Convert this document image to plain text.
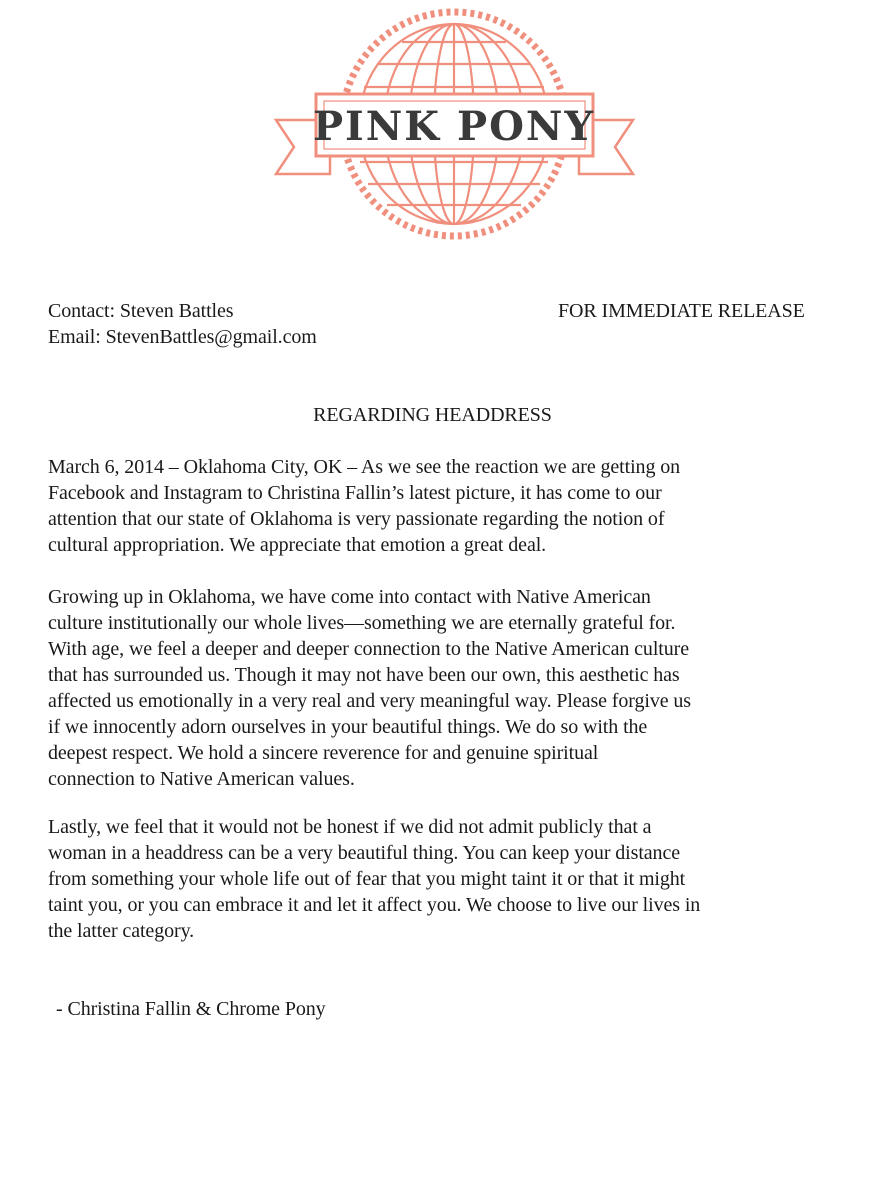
PINK PONY
Contact: Steven Battles
Email: StevenBattles@gmail.com
FOR IMMEDIATE RELEASE
REGARDING HEADDRESS
March 6, 2014 – Oklahoma City, OK – As we see the reaction we are getting on
Facebook and Instagram to Christina Fallin’s latest picture, it has come to our
attention that our state of Oklahoma is very passionate regarding the notion of
cultural appropriation. We appreciate that emotion a great deal.
Growing up in Oklahoma, we have come into contact with Native American
culture institutionally our whole lives—something we are eternally grateful for.
With age, we feel a deeper and deeper connection to the Native American culture
that has surrounded us. Though it may not have been our own, this aesthetic has
affected us emotionally in a very real and very meaningful way. Please forgive us
if we innocently adorn ourselves in your beautiful things. We do so with the
deepest respect. We hold a sincere reverence for and genuine spiritual
connection to Native American values.
Lastly, we feel that it would not be honest if we did not admit publicly that a
woman in a headdress can be a very beautiful thing. You can keep your distance
from something your whole life out of fear that you might taint it or that it might
taint you, or you can embrace it and let it affect you. We choose to live our lives in
the latter category.
- Christina Fallin & Chrome Pony
